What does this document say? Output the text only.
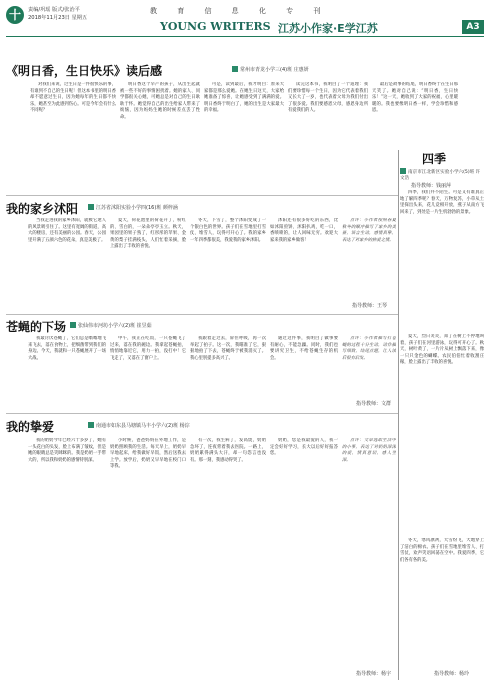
十	责编/巩瑶 版式/张治平
2018年11月23日 星期五
教 育 信 息 化 专 刊
YOUNG WRITERS 江苏小作家·E学江苏	A3
《明日香，生日快乐》读后感	常州市青龙小学三(4)班 庄惠妍

对我们来说，过生日是一件很快乐的事，有谁到不自己的生日呢！但这本书里的明日香却不愿意过生日，因为她每年的生日都不快乐，她甚至为此感到伤心。可是今年会有什么不同呢？

明日香这个早产的孩子，从出生起就被一些不好的事情困扰着。她的家人、同学都很关心她，可她总是对自己的生日耿耿于怀。她觉得自己的出生给家人带来了烦恼，因为妈妈生她的时候差点丢了性命。

可是，读到最后，我才明白：原来大家都是那么爱她。在她生日这天，大家给她准备了惊喜，让她感受到了满满的爱。明日香终于明白了，她的出生是大家最大的幸福。

读完这本书，我明白了一个道理：我们要珍惜每一个生日，因为它代表着我们又长大了一岁，也代表着父母为我们付出了很多爱。我们要感恩父母，感恩身边所有爱我们的人。

最后是故事的结尾，明日香终于在生日那天笑了。她对自己说：“明日香，生日快乐！”这一天，她收到了大家的祝福，心里暖暖的。我也要像明日香一样，学会珍惜和感恩。

指导教师：钱丽萍
我的家乡沭阳	江苏省沭阳实验小学四(16)班 颜梓涵

当我走进我的家乡沭阳，就被它迷人的风景吸引住了。这里有宽阔的街道，高大的楼房，还有美丽的公园。春天，公园里开满了五颜六色的花朵，真是美极了。

夏天，荷花池里的荷花开了，粉红的、雪白的，一朵朵亭亭玉立。秋天，果园里的果子熟了，红彤彤的苹果、金黄的梨子挂满枝头，人们忙着采摘，脸上露出了丰收的喜悦。

冬天，下雪了，整个沭阳变成了一个银白色的世界。孩子们在雪地里打雪仗、堆雪人，玩得可开心了。我的家乡一年四季都很美，我爱我的家乡沭阳。

沭阳还有很多好吃的东西，比如沭阳煎饼、沭阳扒鸡，吃一口，香喷喷的，让人回味无穷。欢迎大家来我的家乡做客！

点评：小作者按照春夏秋冬的顺序描写了家乡的美景，语言生动，感情真挚，表达了对家乡的热爱之情。

指导教师：王琴
苍蝇的下场	张仙伟市河坊小学六(2)班 崔昱茹

我最讨厌苍蝇了，它们总是嗡嗡地飞来飞去，落在食物上，把细菌带到我们的身边。今天，我就和一只苍蝇展开了一场大战。

中午，我正在吃饭，一只苍蝇飞了过来，落在我的碗边。我拿起苍蝇拍，悄悄地靠近它，用力一拍，没打中！它飞走了，又落在了窗户上。

我跟着走过去，屏住呼吸，再一次举起了拍子。这一次，我瞄准了它，狠狠地拍了下去，苍蝇终于被我消灭了。我心里别提多高兴了。

通过这件事，我明白了做事要有耐心，不能急躁。同时，我们也要讲究卫生，不给苍蝇生存的机会。

点评：小作者描写打苍蝇的过程十分生动，动作描写细致，结尾点题，让人读后很有启发。

指导教师：文群
我的挚爱	南通市如东县马塘镇马丰小学六(2)班 杨淙

我的奶奶今年已经六十多岁了，她有一头花白的头发，脸上布满了皱纹，但是她的眼睛总是笑眯眯的。我是奶奶一手带大的，所以我和奶奶的感情特别深。

小时候，爸爸妈妈在外地工作，是奶奶照顾我的生活。每天早上，奶奶早早地起床，给我做好早饭，然后送我去上学。放学后，奶奶又早早地在校门口等我。

有一次，我生病了，发高烧，奶奶急坏了，连夜背着我去医院。一路上，奶奶累得满头大汗，却一句怨言也没有。那一刻，我感动得哭了。

奶奶，您是我最爱的人，我一定会好好学习，长大以后好好报答您。

点评：文章选取生活中的小事，表达了对奶奶深深的爱，情真意切，感人至深。

指导教师：杨宇
四季
南京市江北新区实验小学六(5)班 许文浩

四季，我们并不陌生。可是又有谁真正地了解四季呢？春天，万物复苏，小草从土里探出头来，花儿竞相开放，燕子从南方飞回来了，到处是一片生机勃勃的景象。

夏天，烈日炎炎，知了在树上不停地叫着，孩子们在河里游泳，玩得可开心了。秋天，树叶黄了，一片片从树上飘落下来，像一只只金色的蝴蝶。农民伯伯忙着收割庄稼，脸上露出了丰收的喜悦。

冬天，寒风凛冽，大雪纷飞，大地穿上了洁白的棉衣。孩子们在雪地里堆雪人、打雪仗，欢声笑语回荡在空中。我爱四季，它们各有各的美。

指导教师：杨玲
